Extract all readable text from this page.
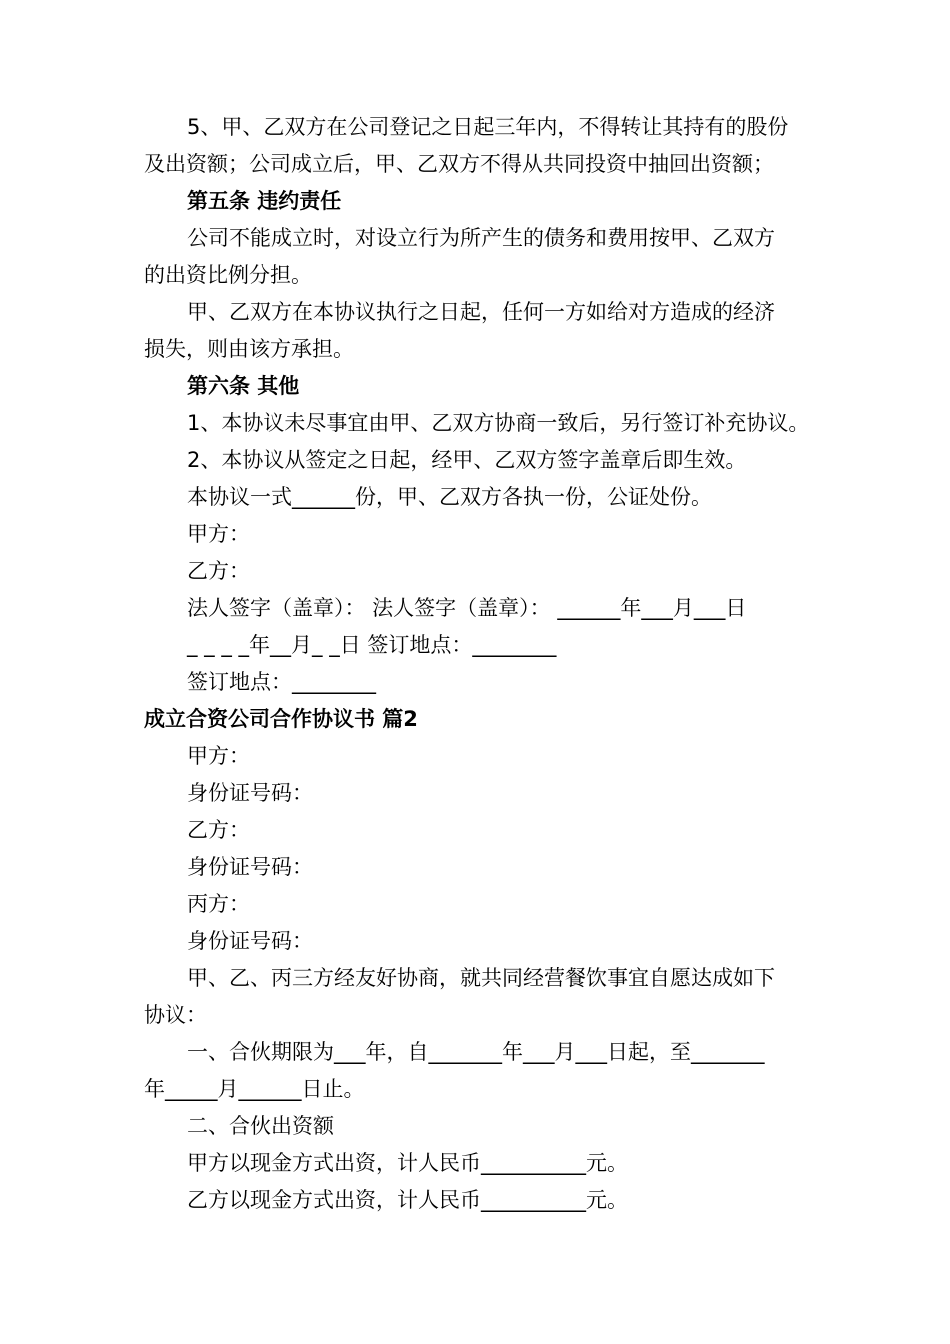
5、甲、乙双方在公司登记之日起三年内，不得转让其持有的股份
及出资额；公司成立后，甲、乙双方不得从共同投资中抽回出资额；
第五条 违约责任
公司不能成立时，对设立行为所产生的债务和费用按甲、乙双方
的出资比例分担。
甲、乙双方在本协议执行之日起，任何一方如给对方造成的经济
损失，则由该方承担。
第六条 其他
1、本协议未尽事宜由甲、乙双方协商一致后，另行签订补充协议。
2、本协议从签定之日起，经甲、乙双方签字盖章后即生效。
本协议一式______份，甲、乙双方各执一份，公证处份。
甲方：
乙方：
法人签字（盖章）： 法人签字（盖章）： ______年___月___日
_ _ _ _年__月_ _日 签订地点：________
签订地点：________
成立合资公司合作协议书 篇2
甲方：
身份证号码：
乙方：
身份证号码：
丙方：
身份证号码：
甲、乙、丙三方经友好协商，就共同经营餐饮事宜自愿达成如下
协议：
一、合伙期限为___年，自_______年___月___日起，至_______
年_____月______日止。
二、合伙出资额
甲方以现金方式出资，计人民币__________元。
乙方以现金方式出资，计人民币__________元。
